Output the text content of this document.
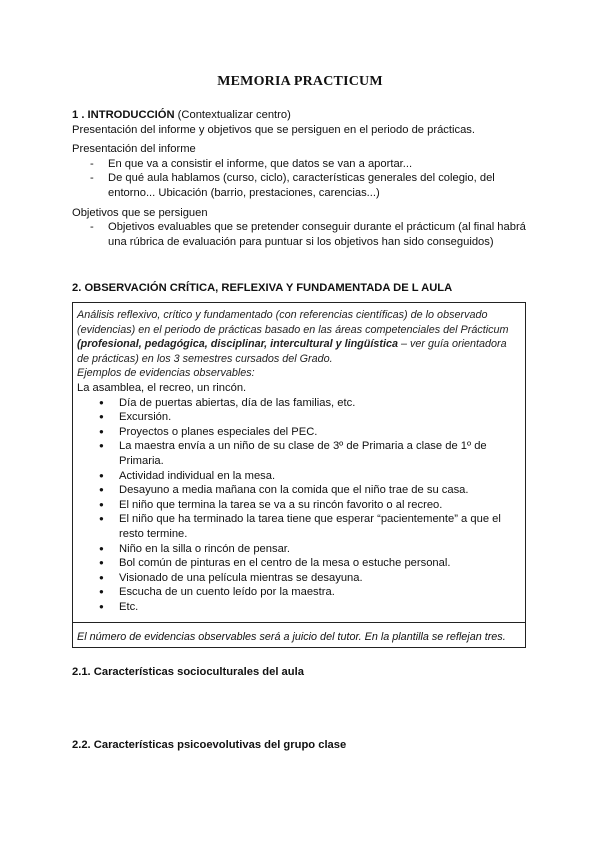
MEMORIA PRACTICUM
1 . INTRODUCCIÓN (Contextualizar centro)
Presentación del informe y objetivos que se persiguen en el periodo de prácticas.
Presentación del informe
- En que va a consistir el informe, que datos se van a aportar...
- De qué aula hablamos (curso, ciclo), características generales del colegio, del entorno... Ubicación (barrio, prestaciones, carencias...)
Objetivos que se persiguen
- Objetivos evaluables que se pretender conseguir durante el prácticum (al final habrá una rúbrica de evaluación para puntuar si los objetivos han sido conseguidos)
2. OBSERVACIÓN CRÍTICA, REFLEXIVA Y FUNDAMENTADA DE L AULA
Análisis reflexivo, crítico y fundamentado (con referencias científicas) de lo observado (evidencias) en el periodo de prácticas basado en las áreas competenciales del Prácticum (profesional, pedagógica, disciplinar, intercultural y lingüística – ver guía orientadora de prácticas) en los 3 semestres cursados del Grado.
Ejemplos de evidencias observables:
La asamblea, el recreo, un rincón.
● Día de puertas abiertas, día de las familias, etc.
● Excursión.
● Proyectos o planes especiales del PEC.
● La maestra envía a un niño de su clase de 3º de Primaria a clase de 1º de Primaria.
● Actividad individual en la mesa.
● Desayuno a media mañana con la comida que el niño trae de su casa.
● El niño que termina la tarea se va a su rincón favorito o al recreo.
● El niño que ha terminado la tarea tiene que esperar “pacientemente” a que el resto termine.
● Niño en la silla o rincón de pensar.
● Bol común de pinturas en el centro de la mesa o estuche personal.
● Visionado de una película mientras se desayuna.
● Escucha de un cuento leído por la maestra.
● Etc.
El número de evidencias observables será a juicio del tutor. En la plantilla se reflejan tres.
2.1. Características socioculturales del aula
2.2. Características psicoevolutivas del grupo clase
